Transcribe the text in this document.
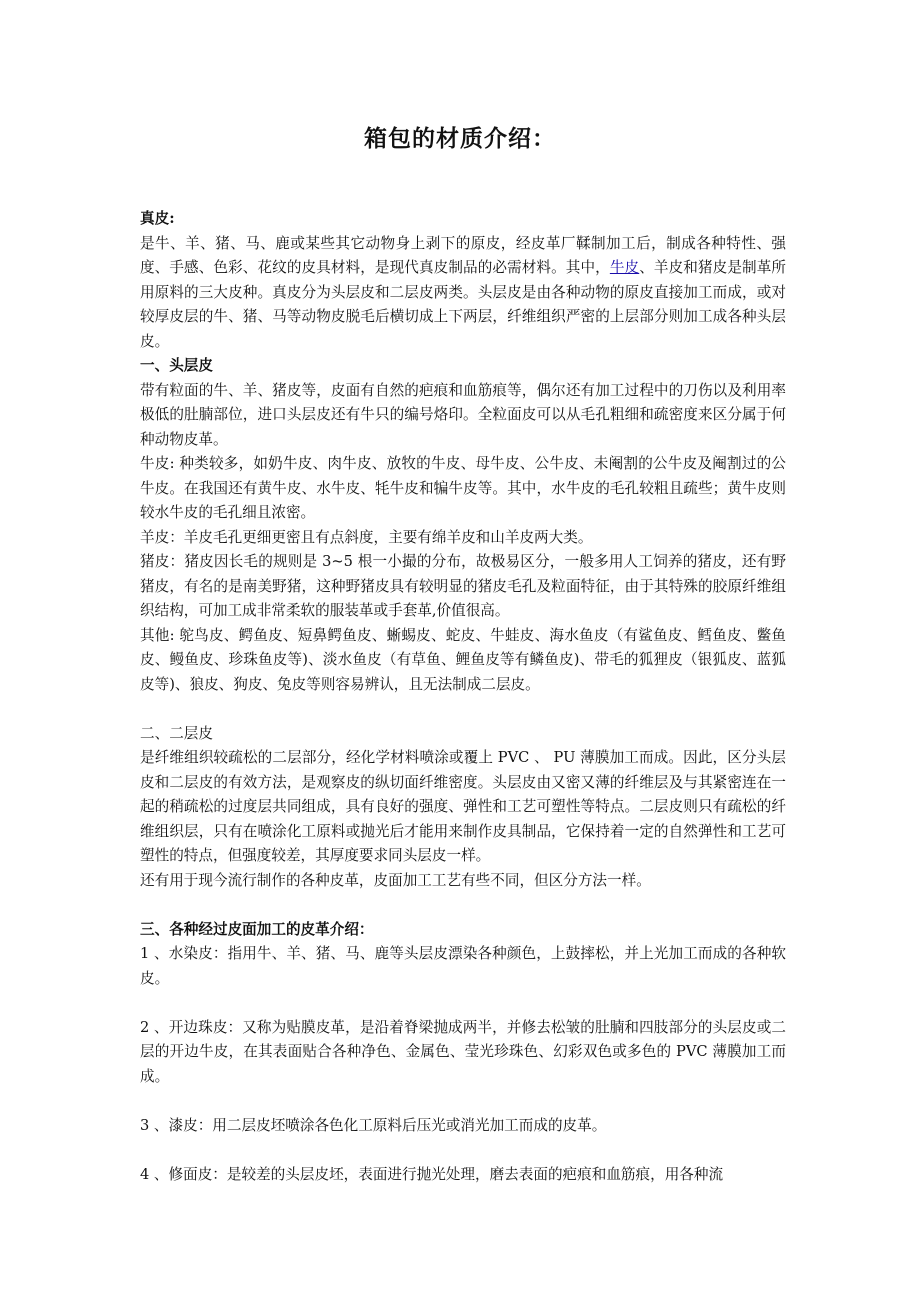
箱包的材质介绍：

真皮:

是牛、羊、猪、马、鹿或某些其它动物身上剥下的原皮，经皮革厂鞣制加工后，制成各种特性、强度、手感、色彩、花纹的皮具材料，是现代真皮制品的必需材料。其中，牛皮、羊皮和猪皮是制革所用原料的三大皮种。真皮分为头层皮和二层皮两类。头层皮是由各种动物的原皮直接加工而成，或对较厚皮层的牛、猪、马等动物皮脱毛后横切成上下两层，纤维组织严密的上层部分则加工成各种头层皮。

一、头层皮

带有粒面的牛、羊、猪皮等，皮面有自然的疤痕和血筋痕等，偶尔还有加工过程中的刀伤以及利用率极低的肚腩部位，进口头层皮还有牛只的编号烙印。全粒面皮可以从毛孔粗细和疏密度来区分属于何种动物皮革。

牛皮: 种类较多，如奶牛皮、肉牛皮、放牧的牛皮、母牛皮、公牛皮、未阉割的公牛皮及阉割过的公牛皮。在我国还有黄牛皮、水牛皮、牦牛皮和犏牛皮等。其中，水牛皮的毛孔较粗且疏些；黄牛皮则较水牛皮的毛孔细且浓密。

羊皮：羊皮毛孔更细更密且有点斜度，主要有绵羊皮和山羊皮两大类。

猪皮：猪皮因长毛的规则是 3~5 根一小撮的分布，故极易区分，一般多用人工饲养的猪皮，还有野猪皮，有名的是南美野猪，这种野猪皮具有较明显的猪皮毛孔及粒面特征，由于其特殊的胶原纤维组织结构，可加工成非常柔软的服装革或手套革,价值很高。

其他: 鸵鸟皮、鳄鱼皮、短鼻鳄鱼皮、蜥蜴皮、蛇皮、牛蛙皮、海水鱼皮（有鲨鱼皮、鳕鱼皮、鳖鱼皮、鳗鱼皮、珍珠鱼皮等)、淡水鱼皮（有草鱼、鲤鱼皮等有鳞鱼皮)、带毛的狐狸皮（银狐皮、蓝狐皮等)、狼皮、狗皮、兔皮等则容易辨认，且无法制成二层皮。

二、二层皮

是纤维组织较疏松的二层部分，经化学材料喷涂或覆上 PVC 、 PU 薄膜加工而成。因此，区分头层皮和二层皮的有效方法，是观察皮的纵切面纤维密度。头层皮由又密又薄的纤维层及与其紧密连在一起的稍疏松的过度层共同组成，具有良好的强度、弹性和工艺可塑性等特点。二层皮则只有疏松的纤维组织层，只有在喷涂化工原料或抛光后才能用来制作皮具制品，它保持着一定的自然弹性和工艺可塑性的特点，但强度较差，其厚度要求同头层皮一样。

还有用于现今流行制作的各种皮革，皮面加工工艺有些不同，但区分方法一样。

三、各种经过皮面加工的皮革介绍：

1 、水染皮：指用牛、羊、猪、马、鹿等头层皮漂染各种颜色，上鼓摔松，并上光加工而成的各种软皮。

2 、开边珠皮：又称为贴膜皮革，是沿着脊梁抛成两半，并修去松皱的肚腩和四肢部分的头层皮或二层的开边牛皮，在其表面贴合各种净色、金属色、莹光珍珠色、幻彩双色或多色的 PVC 薄膜加工而成。

3 、漆皮：用二层皮坯喷涂各色化工原料后压光或消光加工而成的皮革。

4 、修面皮：是较差的头层皮坯，表面进行抛光处理，磨去表面的疤痕和血筋痕，用各种流
